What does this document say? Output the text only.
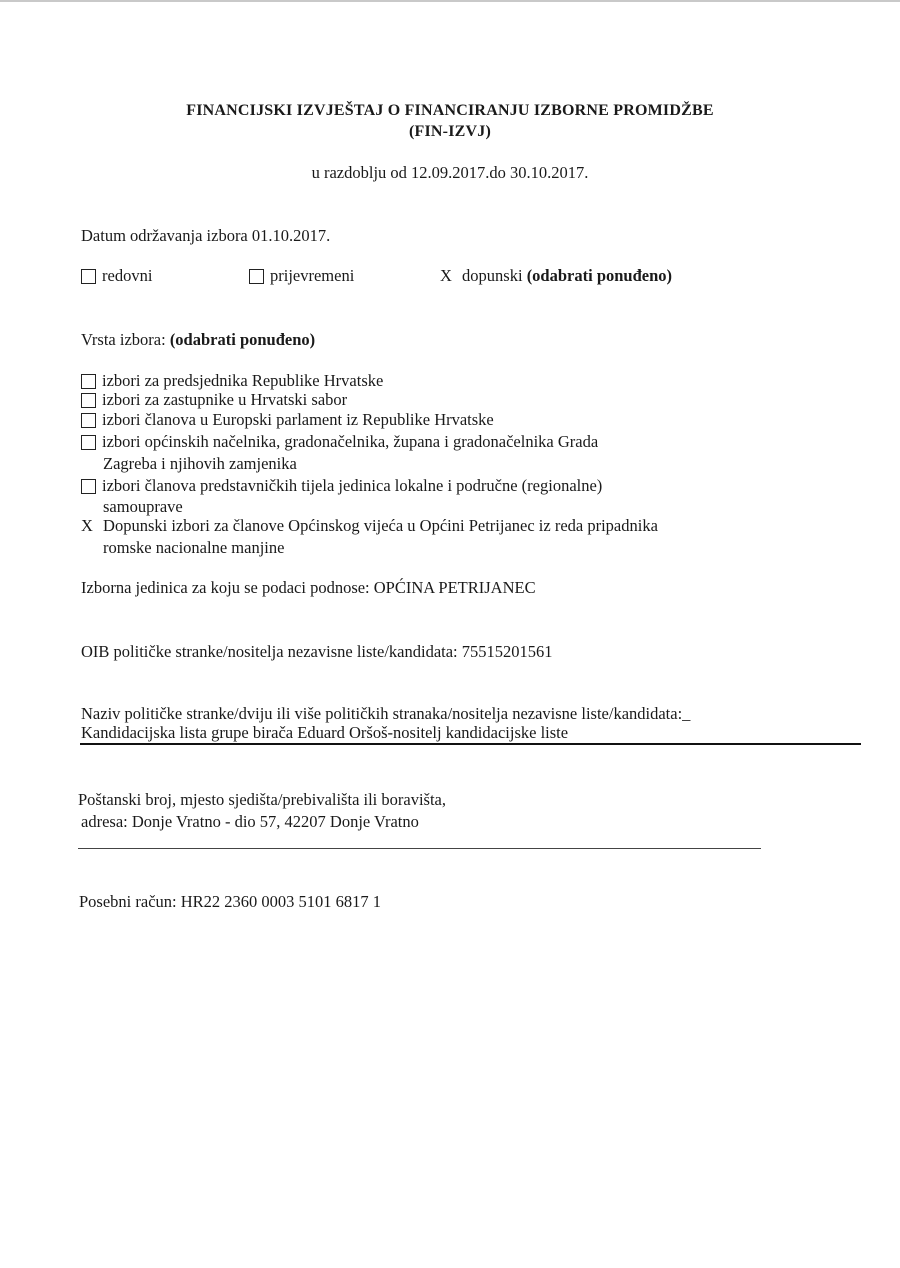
FINANCIJSKI IZVJEŠTAJ O FINANCIRANJU IZBORNE PROMIDŽBE
(FIN-IZVJ)
u razdoblju od 12.09.2017.do 30.10.2017.
Datum održavanja izbora 01.10.2017.
redovni	prijevremeni	X dopunski (odabrati ponuđeno)
Vrsta izbora: (odabrati ponuđeno)
izbori za predsjednika Republike Hrvatske
izbori za zastupnike u Hrvatski sabor
izbori članova u Europski parlament iz Republike Hrvatske
izbori općinskih načelnika, gradonačelnika, župana i gradonačelnika Grada
Zagreba i njihovih zamjenika
izbori članova predstavničkih tijela jedinica lokalne i područne (regionalne)
samouprave
X Dopunski izbori za članove Općinskog vijeća u Općini Petrijanec iz reda pripadnika
romske nacionalne manjine
Izborna jedinica za koju se podaci podnose: OPĆINA PETRIJANEC
OIB političke stranke/nositelja nezavisne liste/kandidata: 75515201561
Naziv političke stranke/dviju ili više političkih stranaka/nositelja nezavisne liste/kandidata:_
Kandidacijska lista grupe birača Eduard Oršoš-nositelj kandidacijske liste
Poštanski broj, mjesto sjedišta/prebivališta ili boravišta,
adresa: Donje Vratno - dio 57, 42207 Donje Vratno
Posebni račun: HR22 2360 0003 5101 6817 1
